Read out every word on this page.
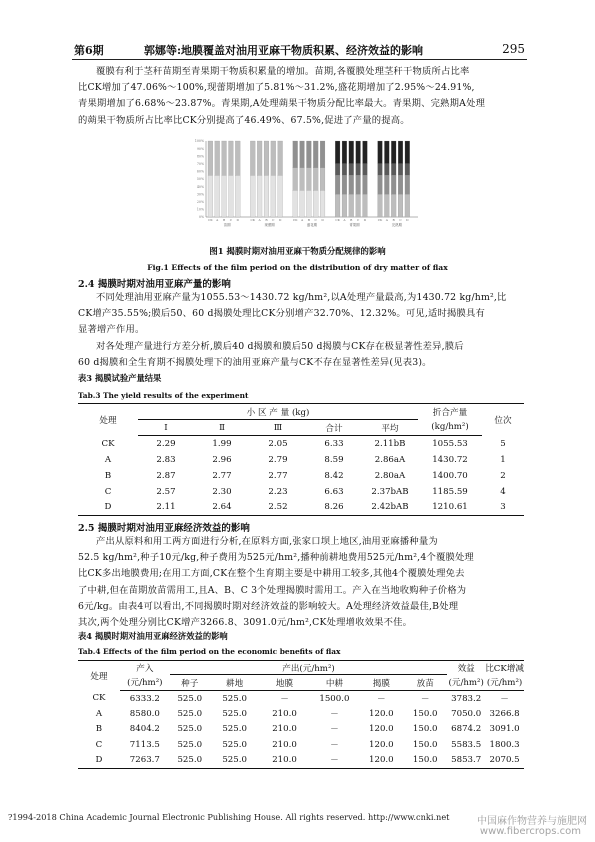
第6期	郭娜等:地膜覆盖对油用亚麻干物质积累、经济效益的影响	295
覆膜有利于茎秆苗期至青果期干物质积累量的增加。苗期,各覆膜处理茎秆干物质所占比率
比CK增加了47.06%～100%,现蕾期增加了5.81%～31.2%,盛花期增加了2.95%～24.91%,
青果期增加了6.68%～23.87%。青果期,A处理蒴果干物质分配比率最大。青果期、完熟期A处理
的蒴果干物质所占比率比CK分别提高了46.49%、67.5%,促进了产量的提高。
100%
90%
80%
70%
60%
50%
40%
30%
20%
10%
0%
CK	A B C D
苗期
CK	A B C D
现蕾期
CK	A B C D
盛花期
CK	A B C D
青果期
CK	A B C D
完熟期
图1 揭膜时期对油用亚麻干物质分配规律的影响
Fig.1 Effects of the film period on the distribution of dry matter of flax
2.4 揭膜时期对油用亚麻产量的影响
不同处理油用亚麻产量为1055.53～1430.72 kg/hm²,以A处理产量最高,为1430.72 kg/hm²,比
CK增产35.55%;膜后50、60 d揭膜处理比CK分别增产32.70%、12.32%。可见,适时揭膜具有
显著增产作用。
对各处理产量进行方差分析,膜后40 d揭膜和膜后50 d揭膜与CK存在极显著性差异,膜后
60 d揭膜和全生育期不揭膜处理下的油用亚麻产量与CK不存在显著性差异(见表3)。
表3 揭膜试验产量结果
Tab.3 The yield results of the experiment
处理	小 区 产 量 (kg)					折合产量	位次
	Ⅰ	Ⅱ	Ⅲ	合计	平均	(kg/hm²)	
CK	2.29	1.99	2.05	6.33	2.11bB	1055.53	5
A	2.83	2.96	2.79	8.59	2.86aA	1430.72	1
B	2.87	2.77	2.77	8.42	2.80aA	1400.70	2
C	2.57	2.30	2.23	6.63	2.37bAB	1185.59	4
D	2.11	2.64	2.52	8.26	2.42bAB	1210.61	3
2.5 揭膜时期对油用亚麻经济效益的影响
产出从原料和用工两方面进行分析,在原料方面,张家口坝上地区,油用亚麻播种量为
52.5 kg/hm²,种子10元/kg,种子费用为525元/hm²,播种前耕地费用525元/hm²,4个覆膜处理
比CK多出地膜费用;在用工方面,CK在整个生育期主要是中耕用工较多,其他4个覆膜处理免去
了中耕,但在苗期放苗需用工,且A、B、C 3个处理揭膜时需用工。产入在当地收购种子价格为
6元/kg。由表4可以看出,不同揭膜时期对经济效益的影响较大。A处理经济效益最佳,B处理
其次,两个处理分别比CK增产3266.8、3091.0元/hm²,CK处理增收效果不佳。
表4 揭膜时期对油用亚麻经济效益的影响
Tab.4 Effects of the film period on the economic benefits of flax
处理	产入	产出(元/hm²)						效益	比CK增减
	(元/hm²)	种子	耕地	地膜	中耕	揭膜	放苗	(元/hm²)	(元/hm²)
CK	6333.2	525.0	525.0	－	1500.0	－	－	3783.2	－
A	8580.0	525.0	525.0	210.0	－	120.0	150.0	7050.0	3266.8
B	8404.2	525.0	525.0	210.0	－	120.0	150.0	6874.2	3091.0
C	7113.5	525.0	525.0	210.0	－	120.0	150.0	5583.5	1800.3
D	7263.7	525.0	525.0	210.0	－	120.0	150.0	5853.7	2070.5
?1994-2018 China Academic Journal Electronic Publishing House. All rights reserved. http://www.cnki.net	中国麻作物营养与施肥网
www.fibercrops.com
